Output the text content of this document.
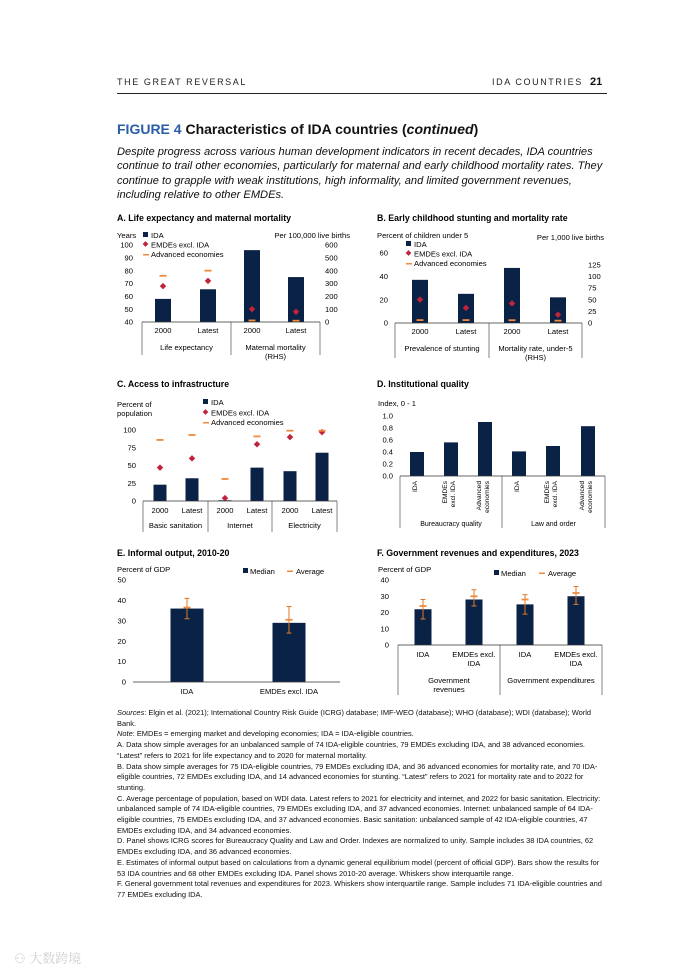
THE GREAT REVERSAL	IDA COUNTRIES 21
FIGURE 4 Characteristics of IDA countries (continued)
Despite progress across various human development indicators in recent decades, IDA countries continue to trail other economies, particularly for maternal and early childhood mortality rates. They continue to grapple with weak institutions, high informality, and limited government revenues, including relative to other EMDEs.
A. Life expectancy and maternal mortality
Years	Per 100,000 live births
IDA
EMDEs excl. IDA
Advanced economies
40
50
60
70
80
90
100
0
100
200
300
400
500
600
2000	Latest	2000	Latest
Life expectancy	Maternal mortality
(RHS)
B. Early childhood stunting and mortality rate
Percent of children under 5	Per 1,000 live births
IDA
EMDEs excl. IDA
Advanced economies
0
20
40
60
0
25
50
75
100
125
2000	Latest	2000	Latest
Prevalence of stunting Mortality rate, under-5
(RHS)
C. Access to infrastructure
Percent of
population
IDA
EMDEs excl. IDA
Advanced economies
0
25
50
75
100
2000 Latest 2000 Latest 2000 Latest
Basic sanitation	Internet	Electricity
D. Institutional quality
Index, 0 - 1
0.0
0.2
0.4
0.6
0.8
1.0
IDA	EMDEs excl. IDA	Advanced economies	IDA	EMDEs excl. IDA	Advanced economies
Bureaucracy quality	Law and order
E. Informal output, 2010-20
Percent of GDP	Median	Average
0
10
20
30
40
50
IDA	EMDEs excl. IDA
F. Government revenues and expenditures, 2023
Percent of GDP	Median	Average
0
10
20
30
40
IDA	EMDEs excl.
IDA
IDA	EMDEs excl.
IDA
Government
revenues
Government expenditures

Sources: Elgin et al. (2021); International Country Risk Guide (ICRG) database; IMF-WEO (database); WHO (database); WDI (database); World Bank.

Note: EMDEs = emerging market and developing economies; IDA = IDA-eligible countries.

A. Data show simple averages for an unbalanced sample of 74 IDA-eligible countries, 79 EMDEs excluding IDA, and 38 advanced economies. “Latest” refers to 2021 for life expectancy and to 2020 for maternal mortality.

B. Data show simple averages for 75 IDA-eligible countries, 79 EMDEs excluding IDA, and 36 advanced economies for mortality rate, and 70 IDA-eligible countries, 72 EMDEs excluding IDA, and 14 advanced economies for stunting. “Latest” refers to 2021 for mortality rate and to 2022 for stunting.

C. Average percentage of population, based on WDI data. Latest refers to 2021 for electricity and internet, and 2022 for basic sanitation. Electricity: unbalanced sample of 74 IDA-eligible countries, 79 EMDEs excluding IDA, and 37 advanced economies. Internet: unbalanced sample of 64 IDA-eligible countries, 75 EMDEs excluding IDA, and 37 advanced economies. Basic sanitation: unbalanced sample of 42 IDA-eligible countries, 47 EMDEs excluding IDA, and 34 advanced economies.

D. Panel shows ICRG scores for Bureaucracy Quality and Law and Order. Indexes are normalized to unity. Sample includes 38 IDA countries, 62 EMDEs excluding IDA, and 36 advanced economies.

E. Estimates of informal output based on calculations from a dynamic general equilibrium model (percent of official GDP). Bars show the results for 53 IDA countries and 68 other EMDEs excluding IDA. Panel shows 2010-20 average. Whiskers show interquartile range.

F. General government total revenues and expenditures for 2023. Whiskers show interquartile range. Sample includes 71 IDA-eligible countries and 77 EMDEs excluding IDA.

⚇ 大数跨境
